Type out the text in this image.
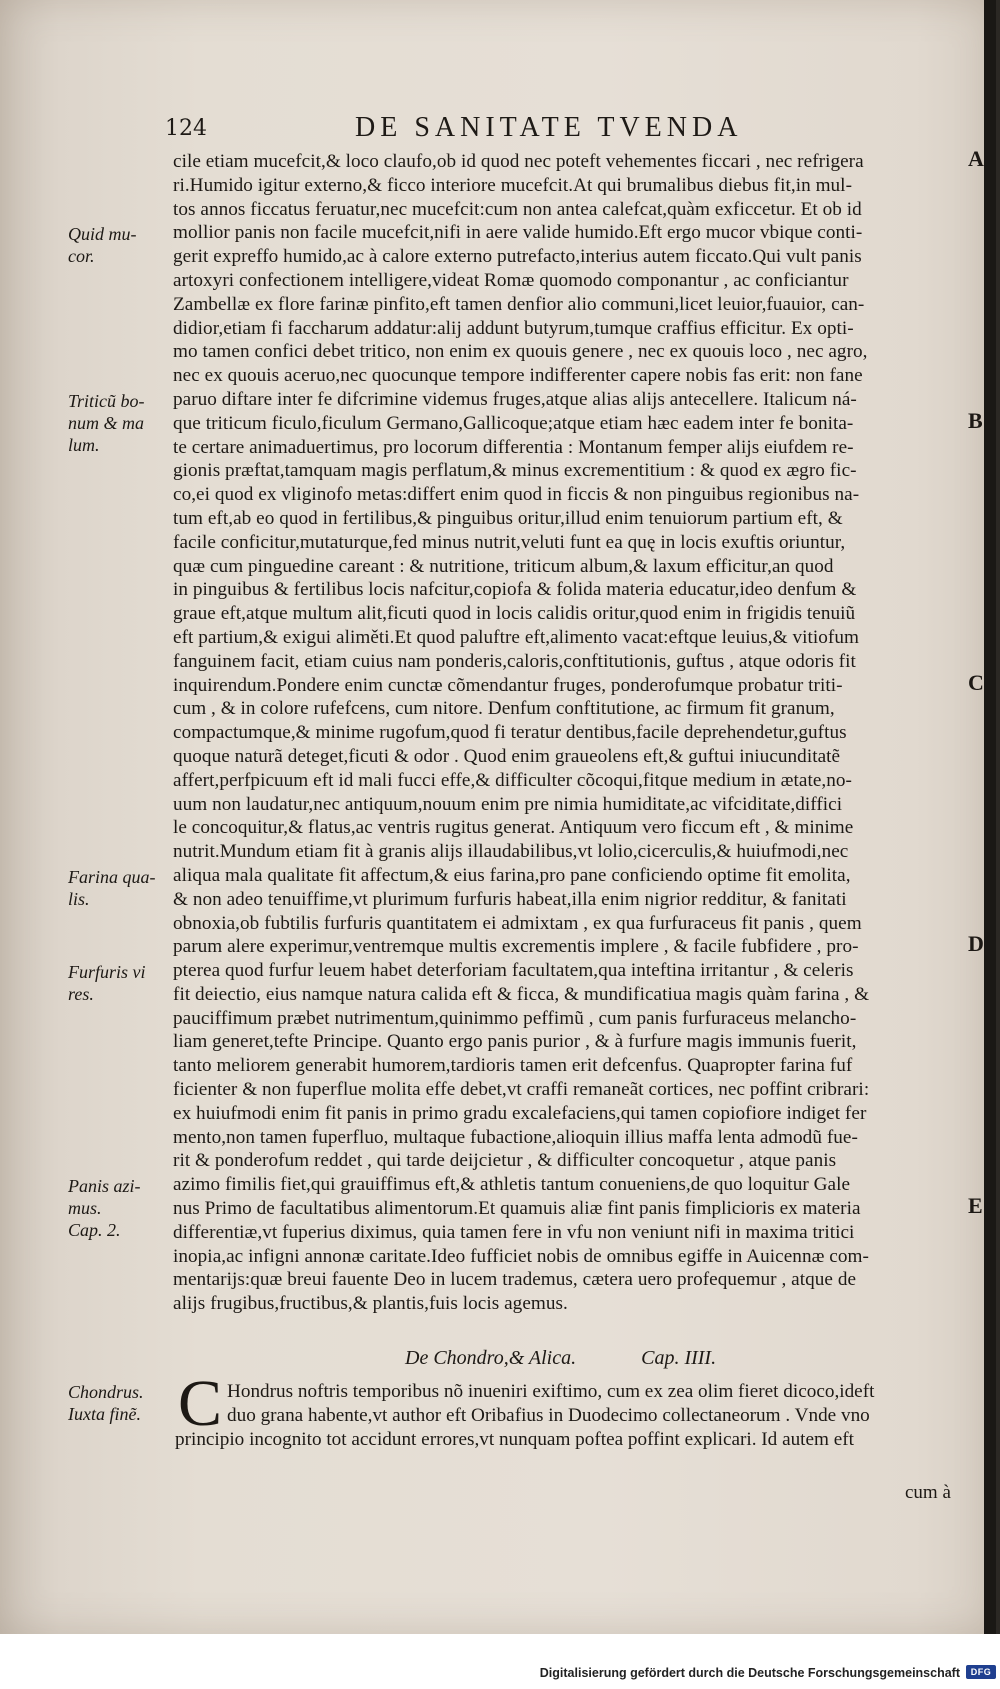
124	DE SANITATE TVENDA
cile etiam mucefcit,& loco claufo,ob id quod nec poteft vehementes ficcari , nec refrigera
ri.Humido igitur externo,& ficco interiore mucefcit.At qui brumalibus diebus fit,in mul-
tos annos ficcatus feruatur,nec mucefcit:cum non antea calefcat,quàm exficcetur. Et ob id
mollior panis non facile mucefcit,nifi in aere valide humido.Eft ergo mucor vbique conti-
gerit expreffo humido,ac à calore externo putrefacto,interius autem ficcato.Qui vult panis
artoxyri confectionem intelligere,videat Romæ quomodo componantur , ac conficiantur
Zambellæ ex flore farinæ pinfito,eft tamen denfior alio communi,licet leuior,fuauior, can-
didior,etiam fi faccharum addatur:alij addunt butyrum,tumque craffius efficitur. Ex opti-
mo tamen confici debet tritico, non enim ex quouis genere , nec ex quouis loco , nec agro,
nec ex quouis aceruo,nec quocunque tempore indifferenter capere nobis fas erit: non fane
paruo diftare inter fe difcrimine videmus fruges,atque alias alijs antecellere. Italicum ná-
que triticum ficulo,ficulum Germano,Gallicoque;atque etiam hæc eadem inter fe bonita-
te certare animaduertimus, pro locorum differentia : Montanum femper alijs eiufdem re-
gionis præftat,tamquam magis perflatum,& minus excrementitium : & quod ex ægro fic-
co,ei quod ex vliginofo metas:differt enim quod in ficcis & non pinguibus regionibus na-
tum eft,ab eo quod in fertilibus,& pinguibus oritur,illud enim tenuiorum partium eft, &
facile conficitur,mutaturque,fed minus nutrit,veluti funt ea quę in locis exuftis oriuntur,
quæ cum pinguedine careant : & nutritione, triticum album,& laxum efficitur,an quod
in pinguibus & fertilibus locis nafcitur,copiofa & folida materia educatur,ideo denfum &
graue eft,atque multum alit,ficuti quod in locis calidis oritur,quod enim in frigidis tenuiũ
eft partium,& exigui aliměti.Et quod paluftre eft,alimento vacat:eftque leuius,& vitiofum
fanguinem facit, etiam cuius nam ponderis,caloris,conftitutionis, guftus , atque odoris fit
inquirendum.Pondere enim cunctæ cõmendantur fruges, ponderofumque probatur triti-
cum , & in colore rufefcens, cum nitore. Denfum conftitutione, ac firmum fit granum,
compactumque,& minime rugofum,quod fi teratur dentibus,facile deprehendetur,guftus
quoque naturã deteget,ficuti & odor . Quod enim graueolens eft,& guftui iniucunditatẽ
affert,perfpicuum eft id mali fucci effe,& difficulter cõcoqui,fitque medium in ætate,no-
uum non laudatur,nec antiquum,nouum enim pre nimia humiditate,ac vifciditate,diffici
le concoquitur,& flatus,ac ventris rugitus generat. Antiquum vero ficcum eft , & minime
nutrit.Mundum etiam fit à granis alijs illaudabilibus,vt lolio,cicerculis,& huiufmodi,nec
aliqua mala qualitate fit affectum,& eius farina,pro pane conficiendo optime fit emolita,
& non adeo tenuiffime,vt plurimum furfuris habeat,illa enim nigrior redditur, & fanitati
obnoxia,ob fubtilis furfuris quantitatem ei admixtam , ex qua furfuraceus fit panis , quem
parum alere experimur,ventremque multis excrementis implere , & facile fubfidere , pro-
pterea quod furfur leuem habet deterforiam facultatem,qua inteftina irritantur , & celeris
fit deiectio, eius namque natura calida eft & ficca, & mundificatiua magis quàm farina , &
pauciffimum præbet nutrimentum,quinimmo peffimũ , cum panis furfuraceus melancho-
liam generet,tefte Principe. Quanto ergo panis purior , & à furfure magis immunis fuerit,
tanto meliorem generabit humorem,tardioris tamen erit defcenfus. Quapropter farina fuf
ficienter & non fuperflue molita effe debet,vt craffi remaneãt cortices, nec poffint cribrari:
ex huiufmodi enim fit panis in primo gradu excalefaciens,qui tamen copiofiore indiget fer
mento,non tamen fuperfluo, multaque fubactione,alioquin illius maffa lenta admodũ fue-
rit & ponderofum reddet , qui tarde deijcietur , & difficulter concoquetur , atque panis
azimo fimilis fiet,qui grauiffimus eft,& athletis tantum conueniens,de quo loquitur Gale
nus Primo de facultatibus alimentorum.Et quamuis aliæ fint panis fimplicioris ex materia
differentiæ,vt fuperius diximus, quia tamen fere in vfu non veniunt nifi in maxima tritici
inopia,ac infigni annonæ caritate.Ideo fufficiet nobis de omnibus egiffe in Auicennæ com-
mentarijs:quæ breui fauente Deo in lucem trademus, cætera uero profequemur , atque de
alijs frugibus,fructibus,& plantis,fuis locis agemus.
Quid mu-
cor.
Triticũ bo-
num & ma
lum.
Farina qua-
lis.
Furfuris vi
res.
Panis azi-
mus.
Cap. 2.
A
B
C
D
E
De Chondro,& Alica.	Cap. IIII.
Chondrus.
Iuxta finẽ. C Hondrus noftris temporibus nõ inueniri exiftimo, cum ex zea olim fieret dicoco,ideft
duo grana habente,vt author eft Oribafius in Duodecimo collectaneorum . Vnde vno
principio incognito tot accidunt errores,vt nunquam poftea poffint explicari. Id autem eft
cum à
Digitalisierung gefördert durch die Deutsche Forschungsgemeinschaft	DFG
